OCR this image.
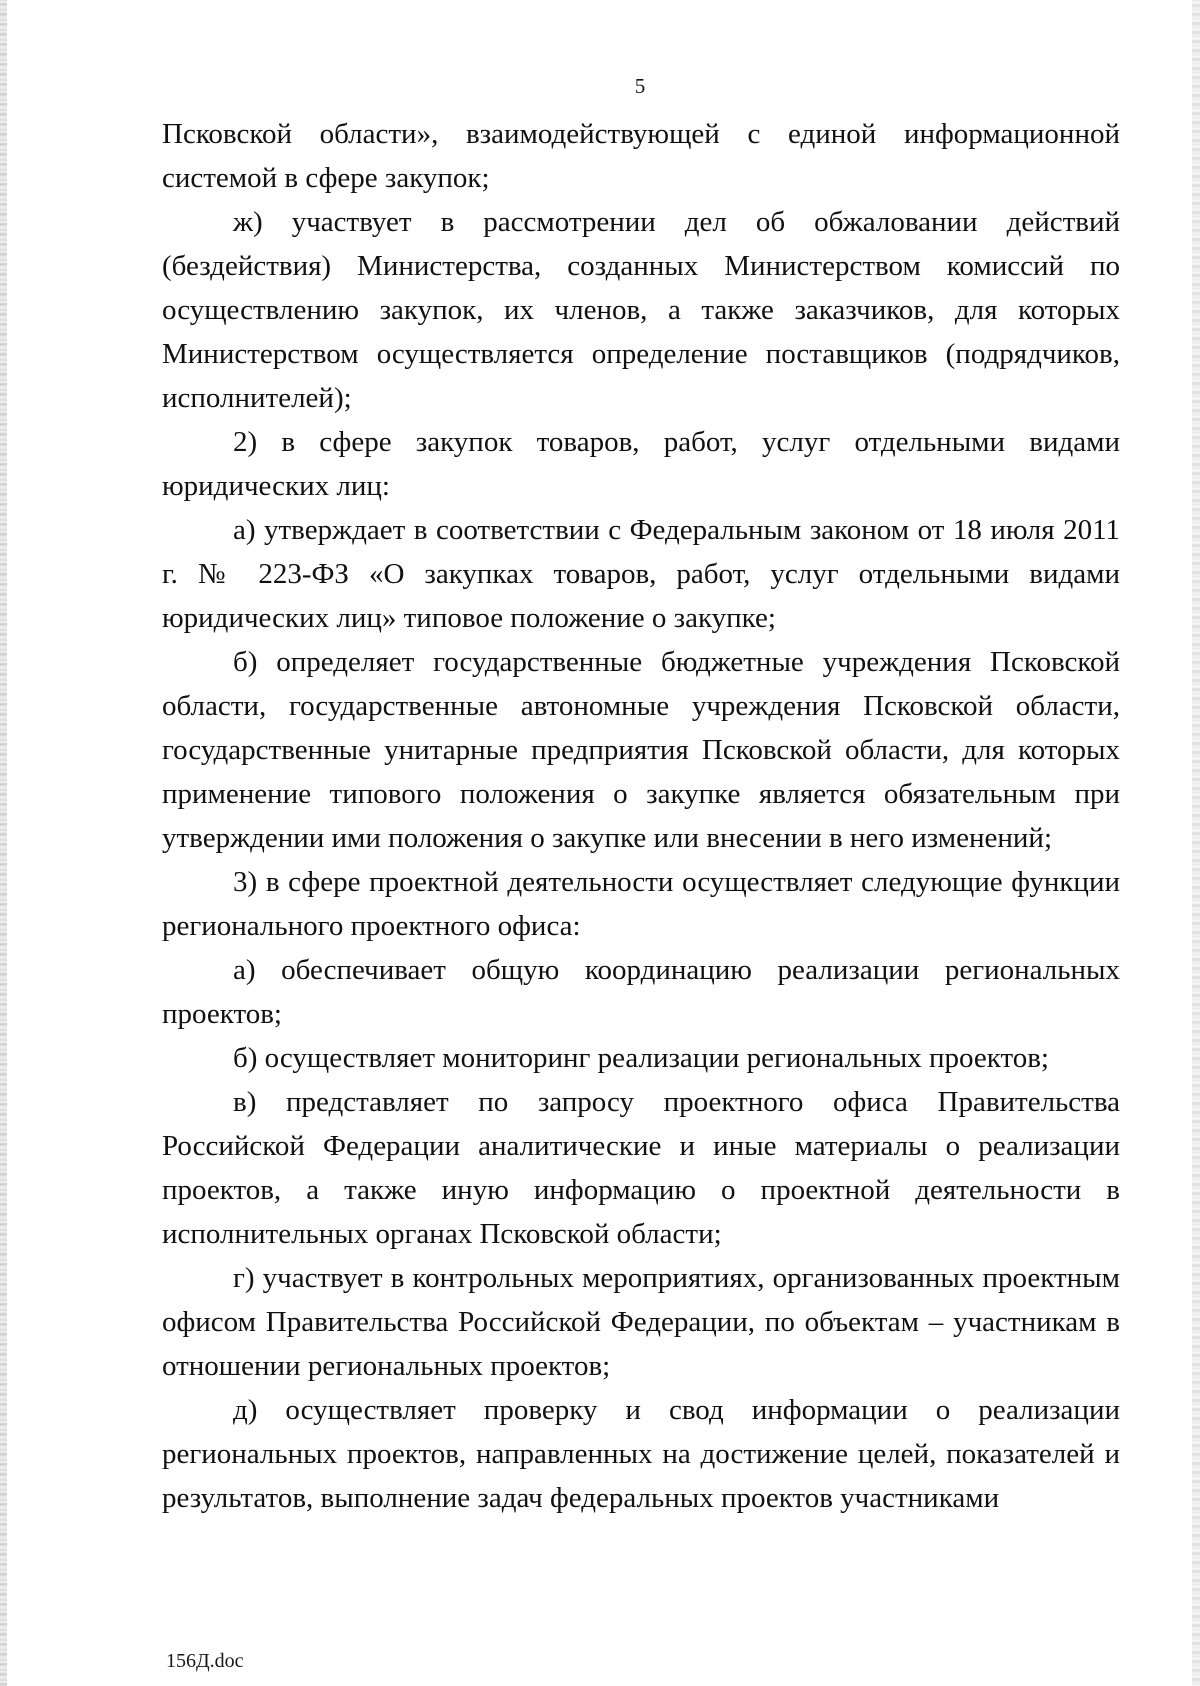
5

Псковской области», взаимодействующей с единой информационной системой в сфере закупок;

ж) участвует в рассмотрении дел об обжаловании действий (бездействия) Министерства, созданных Министерством комиссий по осуществлению закупок, их членов, а также заказчиков, для которых Министерством осуществляется определение поставщиков (подрядчиков, исполнителей);

2) в сфере закупок товаров, работ, услуг отдельными видами юридических лиц:

а) утверждает в соответствии с Федеральным законом от 18 июля 2011 г. № 223-ФЗ «О закупках товаров, работ, услуг отдельными видами юридических лиц» типовое положение о закупке;

б) определяет государственные бюджетные учреждения Псковской области, государственные автономные учреждения Псковской области, государственные унитарные предприятия Псковской области, для которых применение типового положения о закупке является обязательным при утверждении ими положения о закупке или внесении в него изменений;

3) в сфере проектной деятельности осуществляет следующие функции регионального проектного офиса:

а) обеспечивает общую координацию реализации региональных проектов;

б) осуществляет мониторинг реализации региональных проектов;

в) представляет по запросу проектного офиса Правительства Российской Федерации аналитические и иные материалы о реализации проектов, а также иную информацию о проектной деятельности в исполнительных органах Псковской области;

г) участвует в контрольных мероприятиях, организованных проектным офисом Правительства Российской Федерации, по объектам – участникам в отношении региональных проектов;

д) осуществляет проверку и свод информации о реализации региональных проектов, направленных на достижение целей, показателей и результатов, выполнение задач федеральных проектов участниками

156Д.doc
